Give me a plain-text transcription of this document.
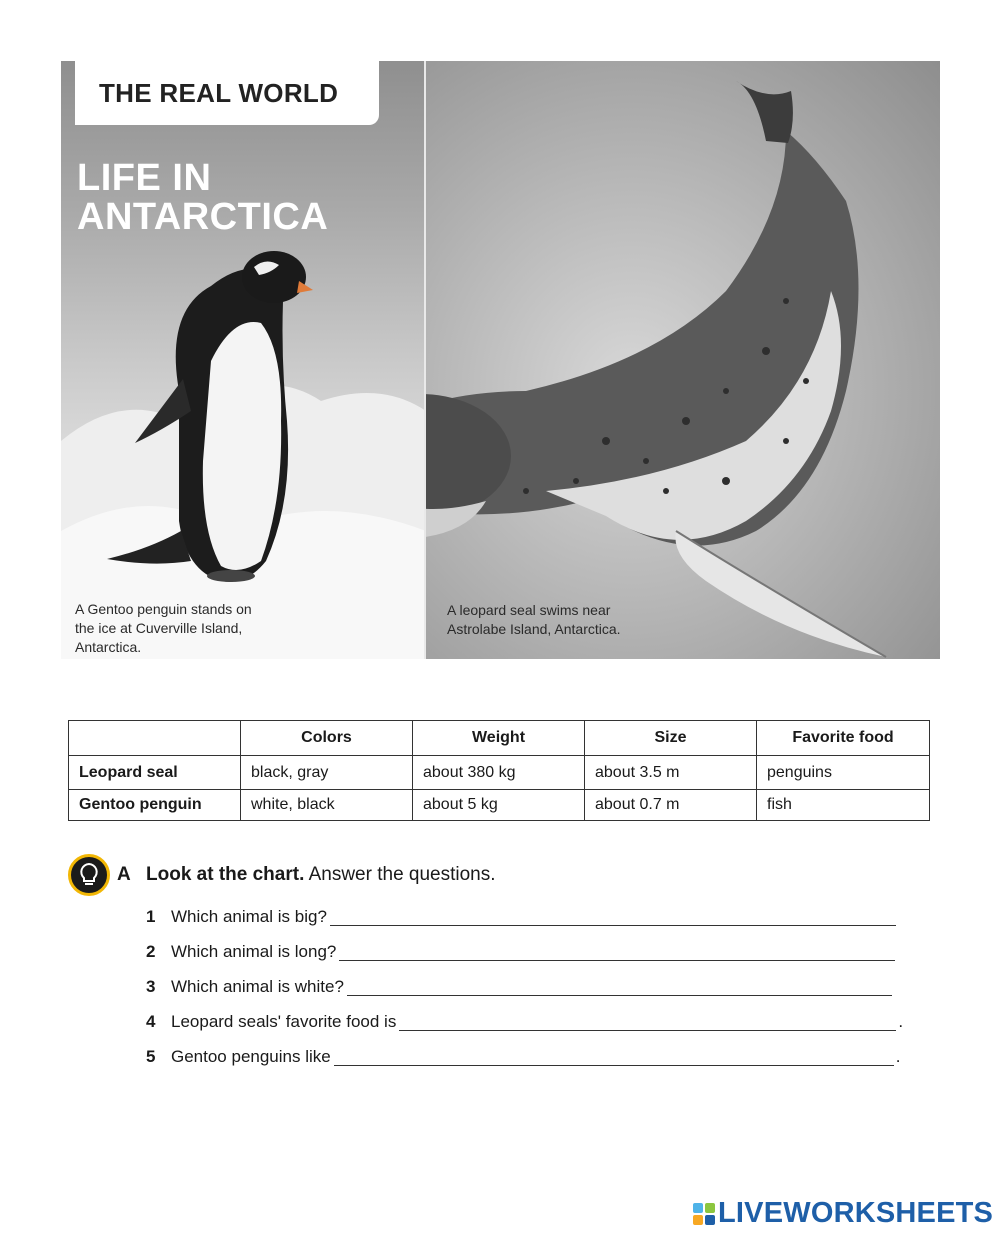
THE REAL WORLD
LIFE IN
ANTARCTICA
A Gentoo penguin stands on the ice at Cuverville Island, Antarctica.
A leopard seal swims near Astrolabe Island, Antarctica.
	Colors	Weight	Size	Favorite food
Leopard seal	black, gray	about 380 kg	about 3.5 m	penguins
Gentoo penguin	white, black	about 5 kg	about 0.7 m	fish
A Look at the chart. Answer the questions.
1 Which animal is big?
2 Which animal is long?
3 Which animal is white?
4 Leopard seals' favorite food is	.
5 Gentoo penguins like	.
LIVEWORKSHEETS
